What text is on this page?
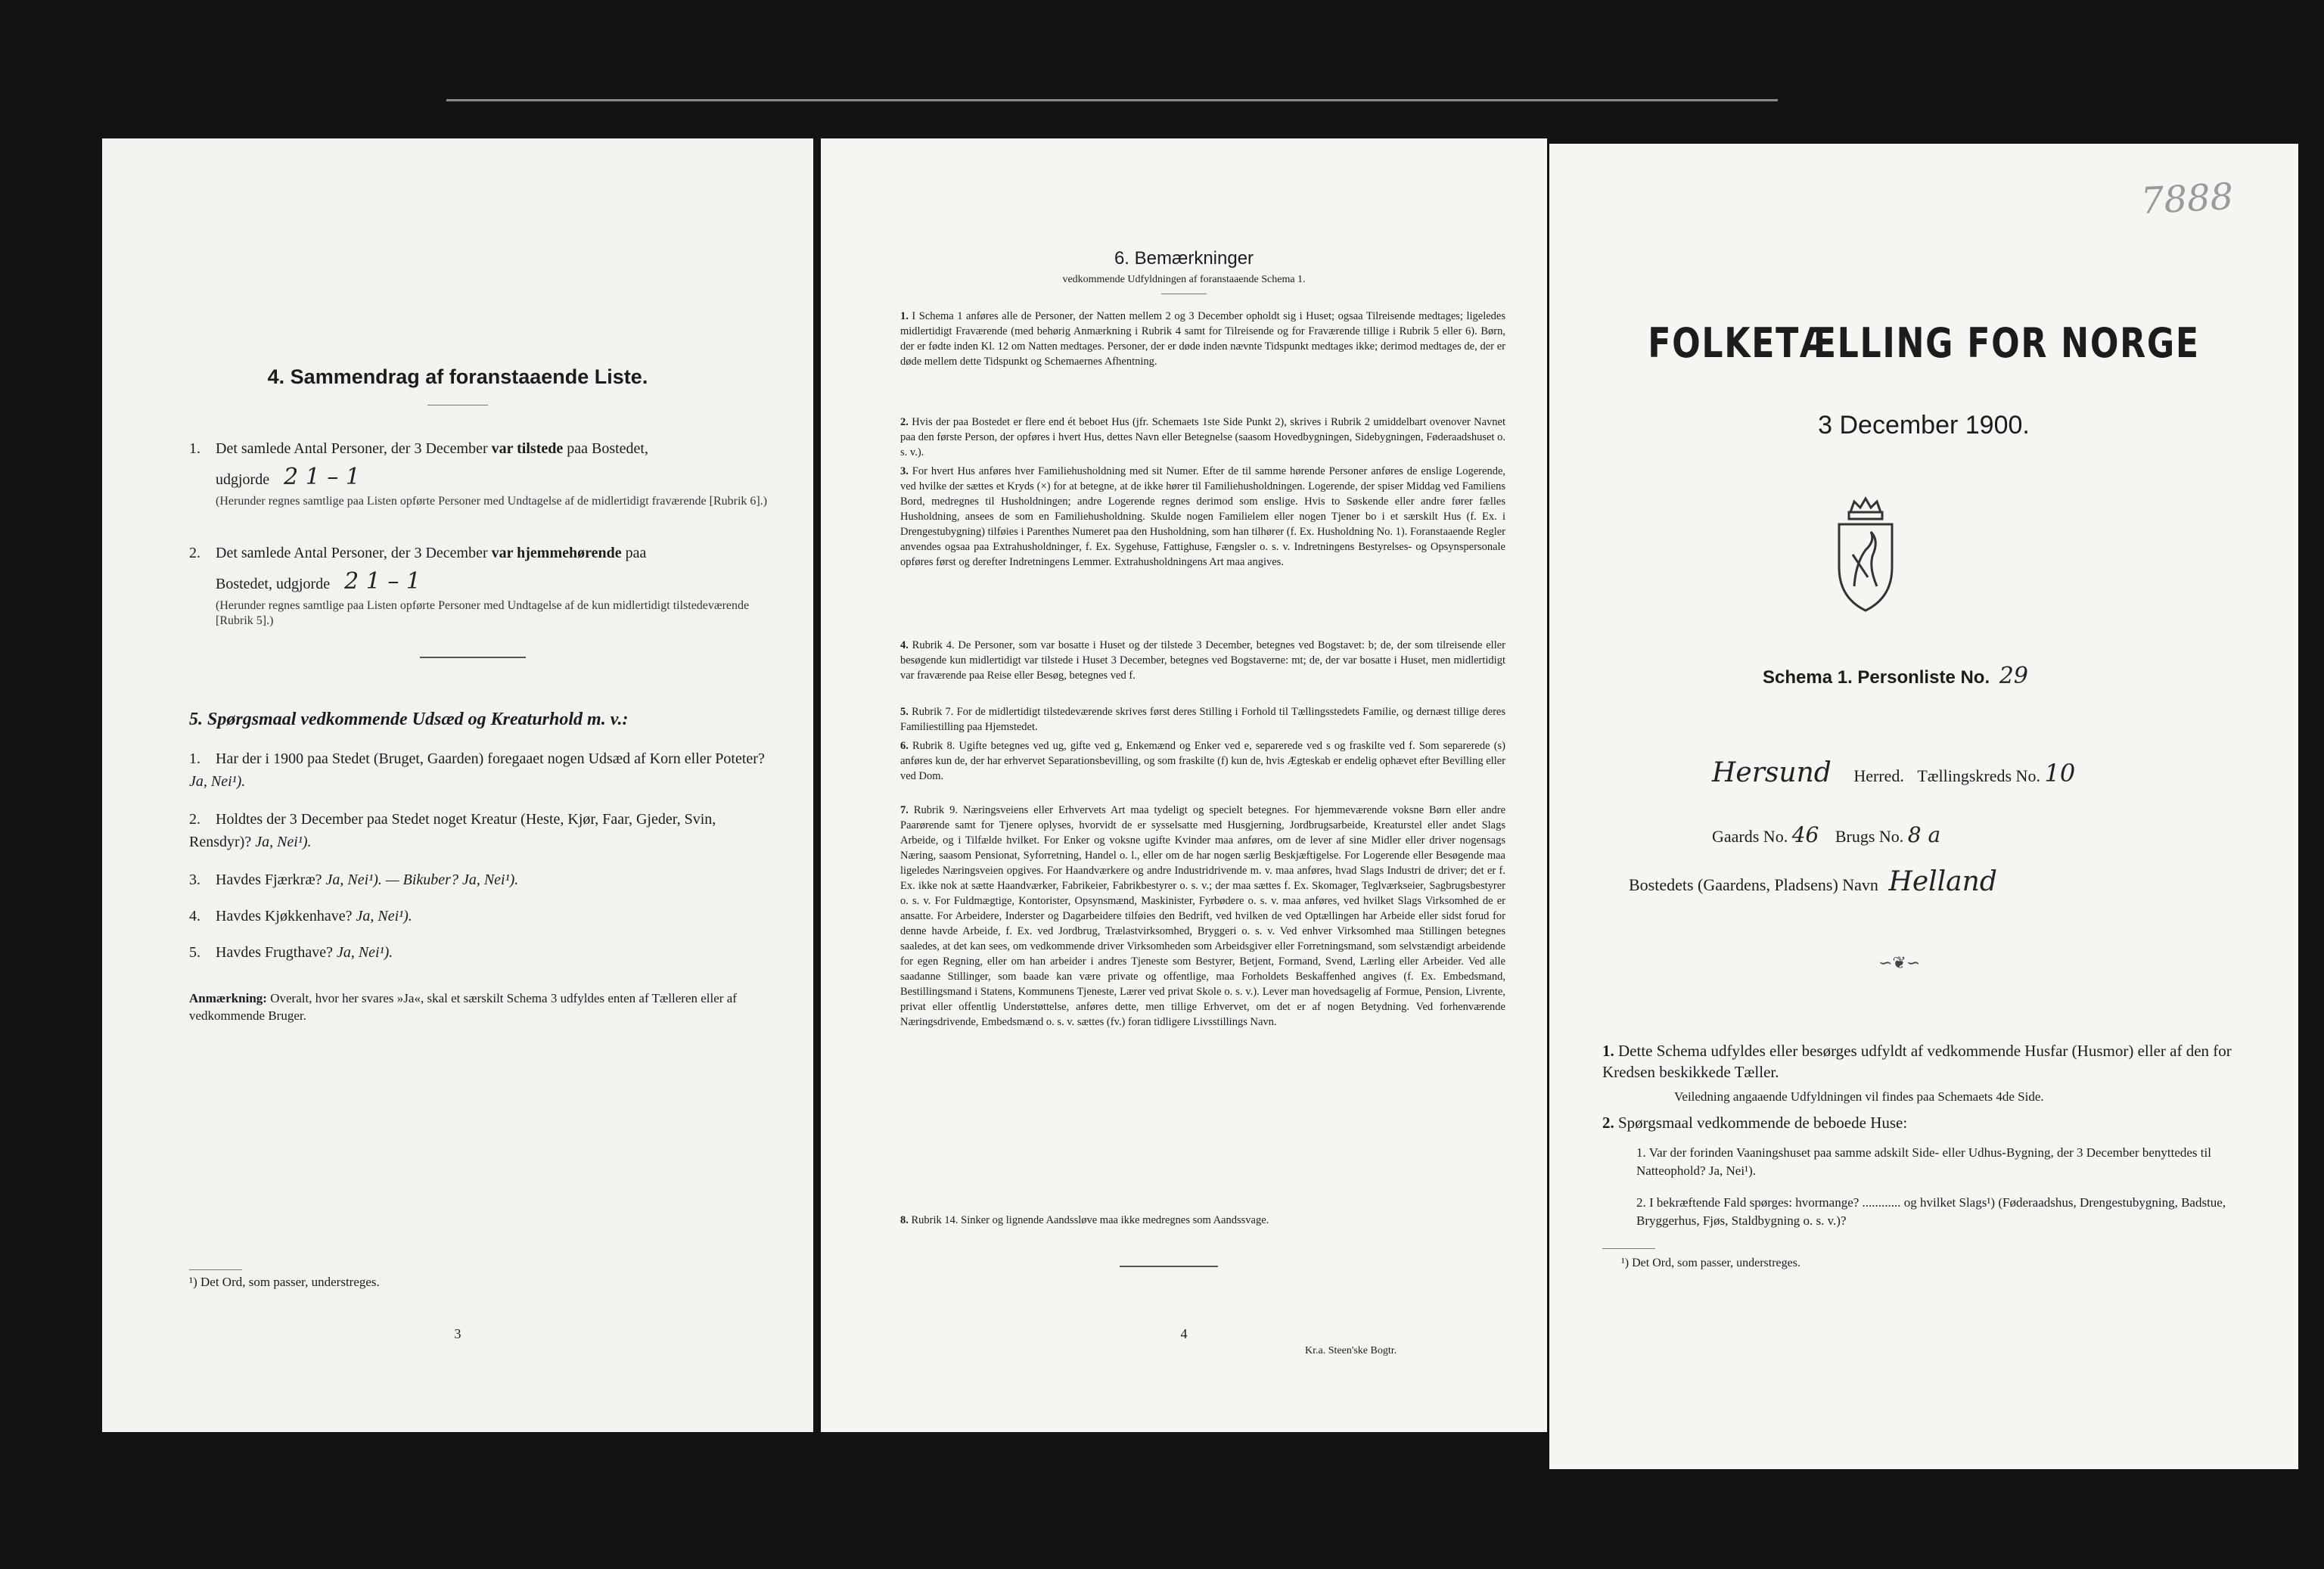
4. Sammendrag af foranstaaende Liste.
1. Det samlede Antal Personer, der 3 December var tilstede paa Bostedet,
udgjorde 2 1 – 1
(Herunder regnes samtlige paa Listen opførte Personer med Undtagelse af de midlertidigt fraværende [Rubrik 6].)
2. Det samlede Antal Personer, der 3 December var hjemmehørende paa
Bostedet, udgjorde 2 1 – 1
(Herunder regnes samtlige paa Listen opførte Personer med Undtagelse af de kun midlertidigt tilstedeværende [Rubrik 5].)
5. Spørgsmaal vedkommende Udsæd og Kreaturhold m. v.:
1. Har der i 1900 paa Stedet (Bruget, Gaarden) foregaaet nogen Udsæd af Korn eller Poteter? Ja, Nei¹).
2. Holdtes der 3 December paa Stedet noget Kreatur (Heste, Kjør, Faar, Gjeder, Svin, Rensdyr)? Ja, Nei¹).
3. Havdes Fjærkræ? Ja, Nei¹). — Bikuber? Ja, Nei¹).
4. Havdes Kjøkkenhave? Ja, Nei¹).
5. Havdes Frugthave? Ja, Nei¹).
Anmærkning: Overalt, hvor her svares »Ja«, skal et særskilt Schema 3 udfyldes enten af Tælleren eller af vedkommende Bruger.
¹) Det Ord, som passer, understreges.
3
6. Bemærkninger
vedkommende Udfyldningen af foranstaaende Schema 1.
1. I Schema 1 anføres alle de Personer, der Natten mellem 2 og 3 December opholdt sig i Huset; ogsaa Tilreisende medtages; ligeledes midlertidigt Fraværende (med behørig Anmærkning i Rubrik 4 samt for Tilreisende og for Fraværende tillige i Rubrik 5 eller 6). Børn, der er fødte inden Kl. 12 om Natten medtages. Personer, der er døde inden nævnte Tidspunkt medtages ikke; derimod medtages de, der er døde mellem dette Tidspunkt og Schemaernes Afhentning.
2. Hvis der paa Bostedet er flere end ét beboet Hus (jfr. Schemaets 1ste Side Punkt 2), skrives i Rubrik 2 umiddelbart ovenover Navnet paa den første Person, der opføres i hvert Hus, dettes Navn eller Betegnelse (saasom Hovedbygningen, Sidebygningen, Føderaadshuset o. s. v.).
3. For hvert Hus anføres hver Familiehusholdning med sit Numer. Efter de til samme hørende Personer anføres de enslige Logerende, ved hvilke der sættes et Kryds (×) for at betegne, at de ikke hører til Familiehusholdningen. Logerende, der spiser Middag ved Familiens Bord, medregnes til Husholdningen; andre Logerende regnes derimod som enslige. Hvis to Søskende eller andre fører fælles Husholdning, ansees de som en Familiehusholdning. Skulde nogen Familielem eller nogen Tjener bo i et særskilt Hus (f. Ex. i Drengestubygning) tilføies i Parenthes Numeret paa den Husholdning, som han tilhører (f. Ex. Husholdning No. 1). Foranstaaende Regler anvendes ogsaa paa Extrahusholdninger, f. Ex. Sygehuse, Fattighuse, Fængsler o. s. v. Indretningens Bestyrelses- og Opsynspersonale opføres først og derefter Indretningens Lemmer. Extrahusholdningens Art maa angives.
4. Rubrik 4. De Personer, som var bosatte i Huset og der tilstede 3 December, betegnes ved Bogstavet: b; de, der som tilreisende eller besøgende kun midlertidigt var tilstede i Huset 3 December, betegnes ved Bogstaverne: mt; de, der var bosatte i Huset, men midlertidigt var fraværende paa Reise eller Besøg, betegnes ved f.
5. Rubrik 7. For de midlertidigt tilstedeværende skrives først deres Stilling i Forhold til Tællingsstedets Familie, og dernæst tillige deres Familiestilling paa Hjemstedet.
6. Rubrik 8. Ugifte betegnes ved ug, gifte ved g, Enkemænd og Enker ved e, separerede ved s og fraskilte ved f. Som separerede (s) anføres kun de, der har erhvervet Separationsbevilling, og som fraskilte (f) kun de, hvis Ægteskab er endelig ophævet efter Bevilling eller ved Dom.
7. Rubrik 9. Næringsveiens eller Erhvervets Art maa tydeligt og specielt betegnes. For hjemmeværende voksne Børn eller andre Paarørende samt for Tjenere oplyses, hvorvidt de er sysselsatte med Husgjerning, Jordbrugsarbeide, Kreaturstel eller andet Slags Arbeide, og i Tilfælde hvilket. For Enker og voksne ugifte Kvinder maa anføres, om de lever af sine Midler eller driver nogensags Næring, saasom Pensionat, Syforretning, Handel o. l., eller om de har nogen særlig Beskjæftigelse. For Logerende eller Besøgende maa ligeledes Næringsveien opgives. For Haandværkere og andre Industridrivende m. v. maa anføres, hvad Slags Industri de driver; det er f. Ex. ikke nok at sætte Haandværker, Fabrikeier, Fabrikbestyrer o. s. v.; der maa sættes f. Ex. Skomager, Teglværkseier, Sagbrugsbestyrer o. s. v. For Fuldmægtige, Kontorister, Opsynsmænd, Maskinister, Fyrbødere o. s. v. maa anføres, ved hvilket Slags Virksomhed de er ansatte. For Arbeidere, Inderster og Dagarbeidere tilføies den Bedrift, ved hvilken de ved Optællingen har Arbeide eller sidst forud for denne havde Arbeide, f. Ex. ved Jordbrug, Trælastvirksomhed, Bryggeri o. s. v. Ved enhver Virksomhed maa Stillingen betegnes saaledes, at det kan sees, om vedkommende driver Virksomheden som Arbeidsgiver eller Forretningsmand, som selvstændigt arbeidende for egen Regning, eller om han arbeider i andres Tjeneste som Bestyrer, Betjent, Formand, Svend, Lærling eller Arbeider. Ved alle saadanne Stillinger, som baade kan være private og offentlige, maa Forholdets Beskaffenhed angives (f. Ex. Embedsmand, Bestillingsmand i Statens, Kommunens Tjeneste, Lærer ved privat Skole o. s. v.). Lever man hovedsagelig af Formue, Pension, Livrente, privat eller offentlig Understøttelse, anføres dette, men tillige Erhvervet, om det er af nogen Betydning. Ved forhenværende Næringsdrivende, Embedsmænd o. s. v. sættes (fv.) foran tidligere Livsstillings Navn.
8. Rubrik 14. Sinker og lignende Aandssløve maa ikke medregnes som Aandssvage.
4
Kr.a. Steen'ske Bogtr.
FOLKETÆLLING FOR NORGE
3 December 1900.
Schema 1. Personliste No. 29
Hersund Herred. Tællingskreds No. 10
Gaards No. 46 Brugs No. 8 a
Bostedets (Gaardens, Pladsens) Navn Helland
∽❦∽
1. Dette Schema udfyldes eller besørges udfyldt af vedkommende Husfar (Husmor) eller af den for Kredsen beskikkede Tæller.
Veiledning angaaende Udfyldningen vil findes paa Schemaets 4de Side.
2. Spørgsmaal vedkommende de beboede Huse:
1. Var der forinden Vaaningshuset paa samme adskilt Side- eller Udhus-Bygning, der 3 December benyttedes til Natteophold? Ja, Nei¹).
2. I bekræftende Fald spørges: hvormange? ............ og hvilket Slags¹) (Føderaadshus, Drengestubygning, Badstue, Bryggerhus, Fjøs, Staldbygning o. s. v.)?
¹) Det Ord, som passer, understreges.
7888
